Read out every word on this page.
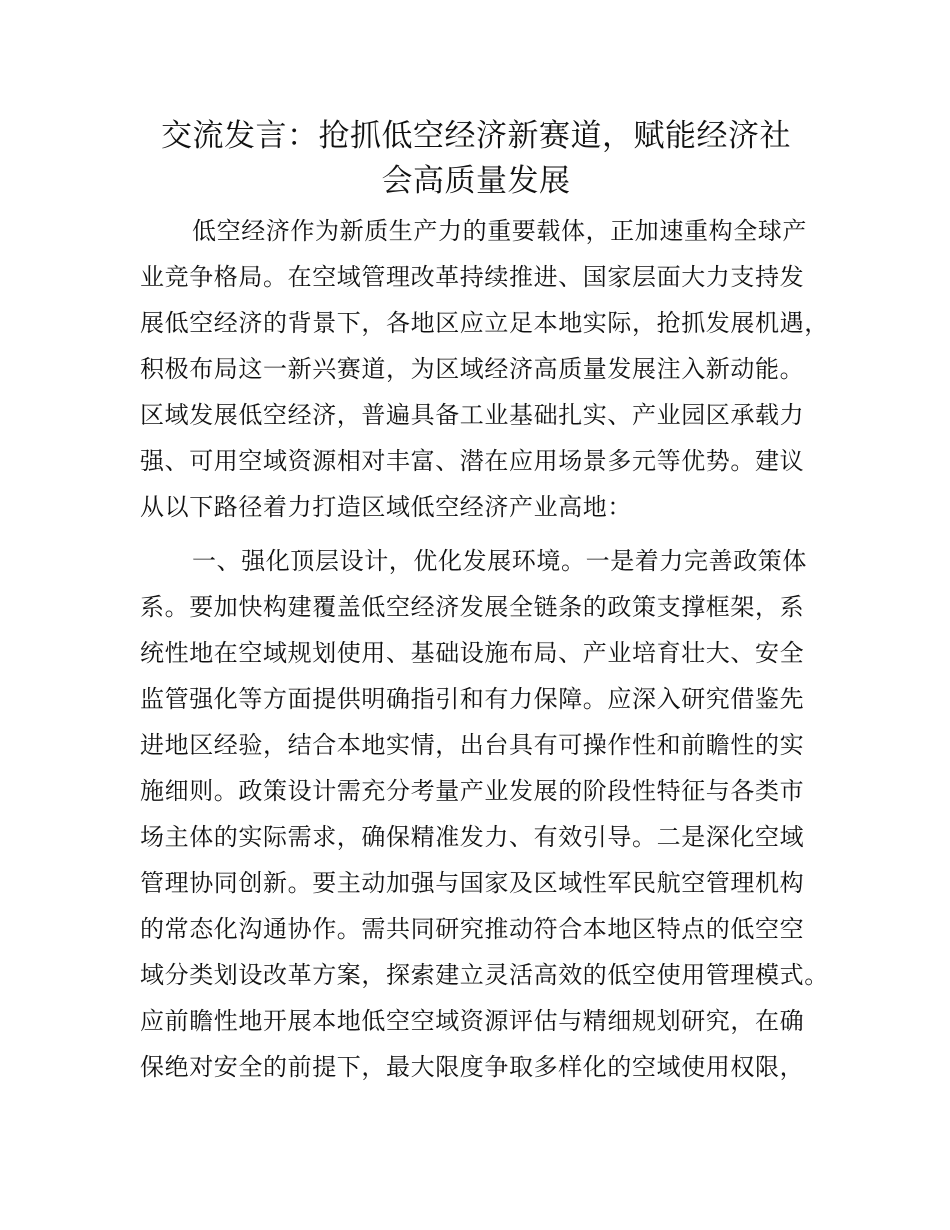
交流发言：抢抓低空经济新赛道，赋能经济社
会高质量发展
低空经济作为新质生产力的重要载体，正加速重构全球产
业竞争格局。在空域管理改革持续推进、国家层面大力支持发
展低空经济的背景下，各地区应立足本地实际，抢抓发展机遇，
积极布局这一新兴赛道，为区域经济高质量发展注入新动能。
区域发展低空经济，普遍具备工业基础扎实、产业园区承载力
强、可用空域资源相对丰富、潜在应用场景多元等优势。建议
从以下路径着力打造区域低空经济产业高地：
一、强化顶层设计，优化发展环境。一是着力完善政策体
系。要加快构建覆盖低空经济发展全链条的政策支撑框架，系
统性地在空域规划使用、基础设施布局、产业培育壮大、安全
监管强化等方面提供明确指引和有力保障。应深入研究借鉴先
进地区经验，结合本地实情，出台具有可操作性和前瞻性的实
施细则。政策设计需充分考量产业发展的阶段性特征与各类市
场主体的实际需求，确保精准发力、有效引导。二是深化空域
管理协同创新。要主动加强与国家及区域性军民航空管理机构
的常态化沟通协作。需共同研究推动符合本地区特点的低空空
域分类划设改革方案，探索建立灵活高效的低空使用管理模式。
应前瞻性地开展本地低空空域资源评估与精细规划研究，在确
保绝对安全的前提下，最大限度争取多样化的空域使用权限，
